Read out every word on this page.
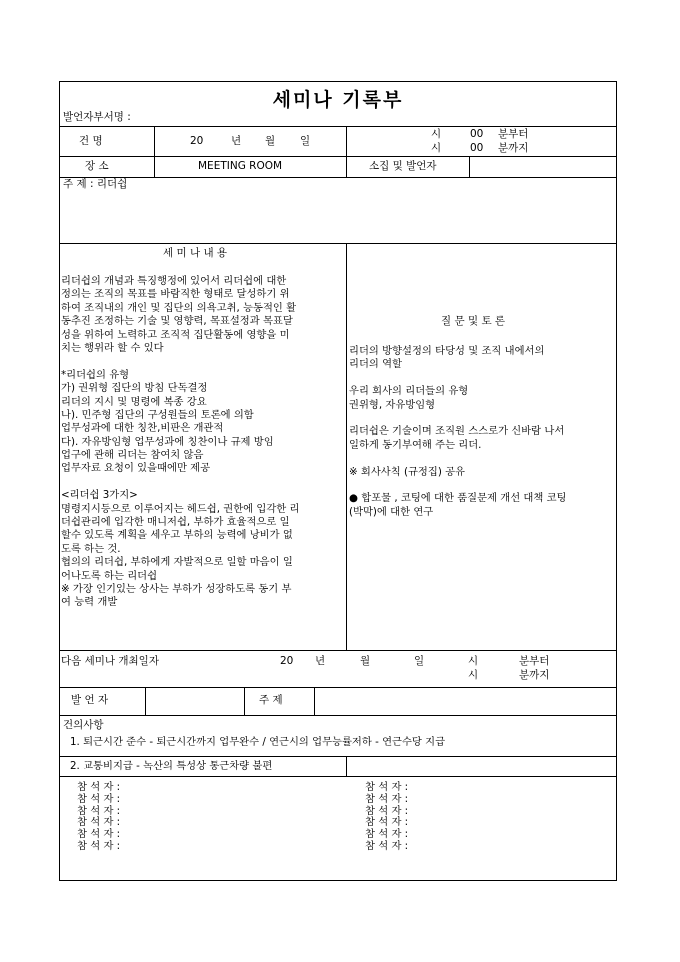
세미나 기록부
발언자부서명 :
건 명	20	년 월 일
시	00 분부터
시	00 분까지
장 소	MEETING ROOM	소집 및 발언자
주 제 : 리더쉽
세 미 나 내 용
리더쉽의 개념과 특징행정에 있어서 리더쉽에 대한
정의는 조직의 목표를 바람직한 형태로 달성하기 위
하여 조직내의 개인 및 집단의 의욕고취, 능동적인 활
동추진 조정하는 기술 및 영향력, 목표설정과 목표달
성을 위하여 노력하고 조직적 집단활동에 영향을 미
치는 행위라 할 수 있다
*리더쉽의 유형
가) 권위형 집단의 방침 단독결정
리더의 지시 및 명령에 복종 강요
나). 민주형 집단의 구성원들의 토론에 의함
업무성과에 대한 칭찬,비판은 개관적
다). 자유방임형 업무성과에 칭찬이나 규제 방임
업구에 관해 리더는 참여치 않음
업무자료 요청이 있을때에만 제공
<리더쉽 3가지>
명령지시등으로 이루어지는 헤드쉽, 권한에 입각한 리
더쉽관리에 입각한 매니저쉽, 부하가 효율적으로 일
할수 있도록 계획을 세우고 부하의 능력에 낭비가 없
도록 하는 것.
협의의 리더쉽, 부하에게 자발적으로 일할 마음이 일
어나도록 하는 리더쉽
※ 가장 인기있는 상사는 부하가 성장하도록 동기 부
여 능력 개발
질 문 및 토 론
리더의 방향설정의 타당성 및 조직 내에서의
리더의 역할
우리 회사의 리더들의 유형
권위형, 자유방임형
리더쉽은 기술이며 조직원 스스로가 신바람 나서
일하게 동기부여해 주는 리더.
※ 회사사칙 (규정집) 공유
● 합포물 , 코팅에 대한 품질문제 개선 대책 코팅
(박막)에 대한 연구
다음 세미나 개최일자	20 년	월	일	시	분부터
시	분까지
발 언 자	주 제
건의사항
1. 퇴근시간 준수 - 퇴근시간까지 업무완수 / 연근시의 업무능률저하 - 연근수당 지급
2. 교통비지급 - 녹산의 특성상 통근차량 불편
참 석 자 :
참 석 자 :
참 석 자 :
참 석 자 :
참 석 자 :
참 석 자 :
참 석 자 :
참 석 자 :
참 석 자 :
참 석 자 :
참 석 자 :
참 석 자 :
